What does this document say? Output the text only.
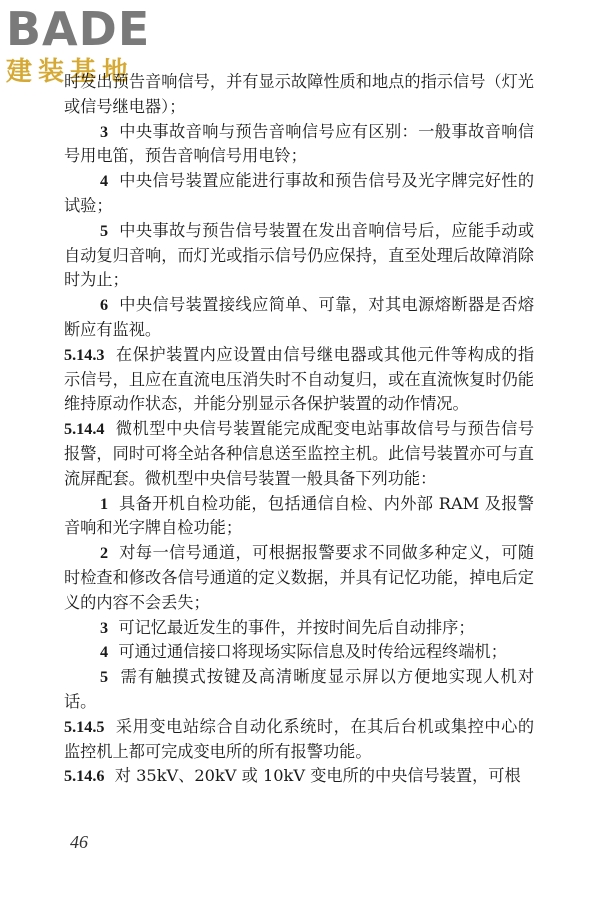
BADE
建装基地

时发出预告音响信号，并有显示故障性质和地点的指示信号（灯光或信号继电器）；

3 中央事故音响与预告音响信号应有区别：一般事故音响信号用电笛，预告音响信号用电铃；

4 中央信号装置应能进行事故和预告信号及光字牌完好性的试验；

5 中央事故与预告信号装置在发出音响信号后，应能手动或自动复归音响，而灯光或指示信号仍应保持，直至处理后故障消除时为止；

6 中央信号装置接线应简单、可靠，对其电源熔断器是否熔断应有监视。

5.14.3 在保护装置内应设置由信号继电器或其他元件等构成的指示信号，且应在直流电压消失时不自动复归，或在直流恢复时仍能维持原动作状态，并能分别显示各保护装置的动作情况。

5.14.4 微机型中央信号装置能完成配变电站事故信号与预告信号报警，同时可将全站各种信息送至监控主机。此信号装置亦可与直流屏配套。微机型中央信号装置一般具备下列功能：

1 具备开机自检功能，包括通信自检、内外部 RAM 及报警音响和光字牌自检功能；

2 对每一信号通道，可根据报警要求不同做多种定义，可随时检查和修改各信号通道的定义数据，并具有记忆功能，掉电后定义的内容不会丢失；

3 可记忆最近发生的事件，并按时间先后自动排序；

4 可通过通信接口将现场实际信息及时传给远程终端机；

5 需有触摸式按键及高清晰度显示屏以方便地实现人机对话。

5.14.5 采用变电站综合自动化系统时，在其后台机或集控中心的监控机上都可完成变电所的所有报警功能。

5.14.6 对 35kV、20kV 或 10kV 变电所的中央信号装置，可根

46
